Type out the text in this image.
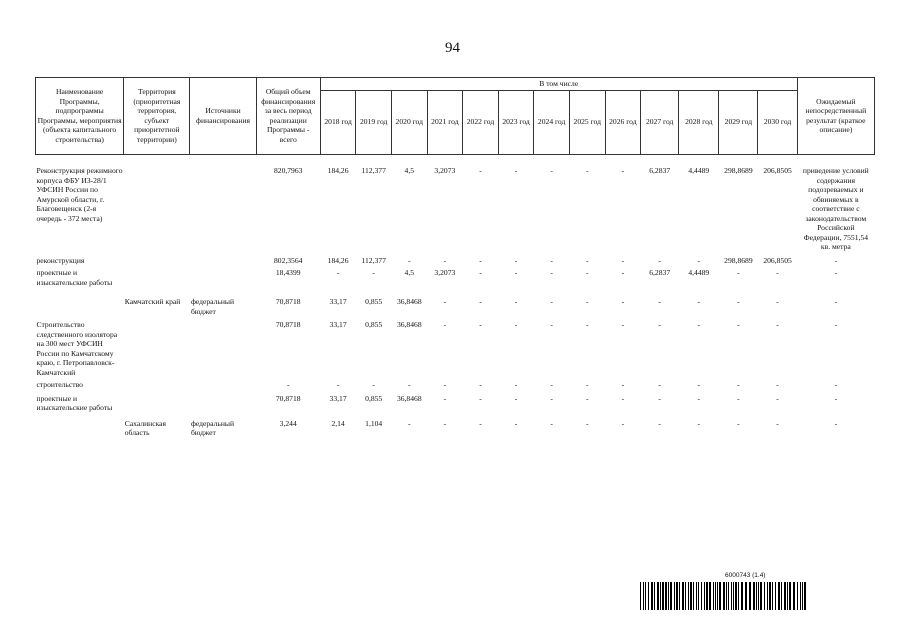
94
Наименование Программы, подпрограммы Программы, мероприятия (объекта капитального строительства)	Территория (приоритетная территория, субъект приоритетной территории)	Источники финансирования	Общий объем финансирования за весь период реализации Программы - всего	В том числе													Ожидаемый непосредственный результат (краткое описание)
				2018 год	2019 год	2020 год	2021 год	2022 год	2023 год	2024 год	2025 год	2026 год	2027 год	2028 год	2029 год	2030 год	

Реконструкция режимного корпуса ФБУ ИЗ-28/1 УФСИН России по Амурской области, г. Благовещенск (2-я очередь - 372 места)			820,7963	184,26	112,377	4,5	3,2073	-	-	-	-	-	6,2837	4,4489	298,8689	206,8505	приведение условий содержания подозреваемых и обвиняемых в соответствие с законодательством Российской Федерации, 7551,54 кв. метра
реконструкция			802,3564	184,26	112,377	-	-	-	-	-	-	-	-	-	298,8689	206,8505	-
проектные и изыскательские работы			18,4399	-	-	4,5	3,2073	-	-	-	-	-	6,2837	4,4489	-	-	-
	Камчатский край	федеральный бюджет	70,8718	33,17	0,855	36,8468	-	-	-	-	-	-	-	-	-	-	-
Строительство следственного изолятора на 300 мест УФСИН России по Камчатскому краю, г. Петропавловск-Камчатский			70,8718	33,17	0,855	36,8468	-	-	-	-	-	-	-	-	-	-	-
строительство			-	-	-	-	-	-	-	-	-	-	-	-	-	-	-
проектные и изыскательские работы			70,8718	33,17	0,855	36,8468	-	-	-	-	-	-	-	-	-	-	-
	Сахалинская область	федеральный бюджет	3,244	2,14	1,104	-	-	-	-	-	-	-	-	-	-	-	-
6000743 (1.4)
